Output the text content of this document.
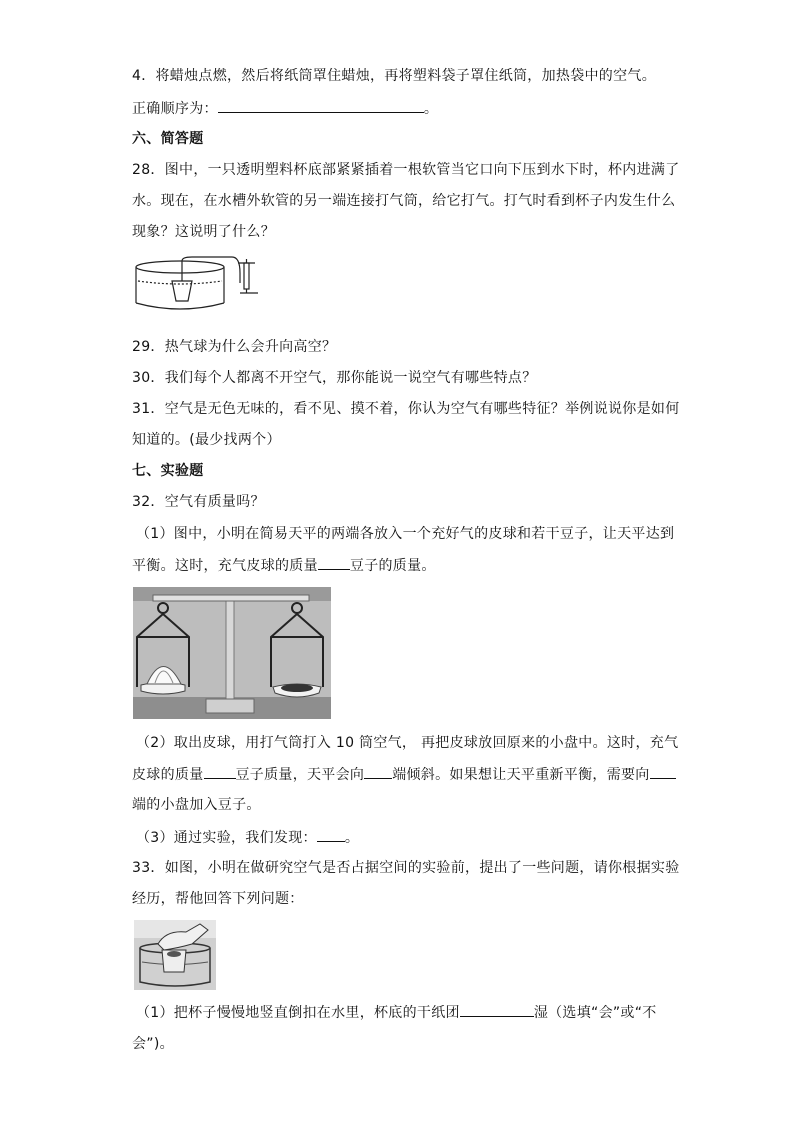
4．将蜡烛点燃，然后将纸筒罩住蜡烛，再将塑料袋子罩住纸筒，加热袋中的空气。
正确顺序为：	。
六、简答题
28．图中，一只透明塑料杯底部紧紧插着一根软管当它口向下压到水下时，杯内进满了
水。现在，在水槽外软管的另一端连接打气筒，给它打气。打气时看到杯子内发生什么
现象？这说明了什么？
29．热气球为什么会升向高空？
30．我们每个人都离不开空气，那你能说一说空气有哪些特点？
31．空气是无色无味的，看不见、摸不着，你认为空气有哪些特征？举例说说你是如何
知道的。(最少找两个）
七、实验题
32．空气有质量吗？
（1）图中，小明在简易天平的两端各放入一个充好气的皮球和若干豆子，让天平达到
平衡。这时，充气皮球的质量 豆子的质量。
（2）取出皮球，用打气筒打入 10 筒空气， 再把皮球放回原来的小盘中。这时，充气
皮球的质量 豆子质量，天平会向 端倾斜。如果想让天平重新平衡，需要向
端的小盘加入豆子。
（3）通过实验，我们发现： 。
33．如图，小明在做研究空气是否占据空间的实验前，提出了一些问题，请你根据实验
经历，帮他回答下列问题：
（1）把杯子慢慢地竖直倒扣在水里，杯底的干纸团	湿（选填“会”或“不
会”)。
